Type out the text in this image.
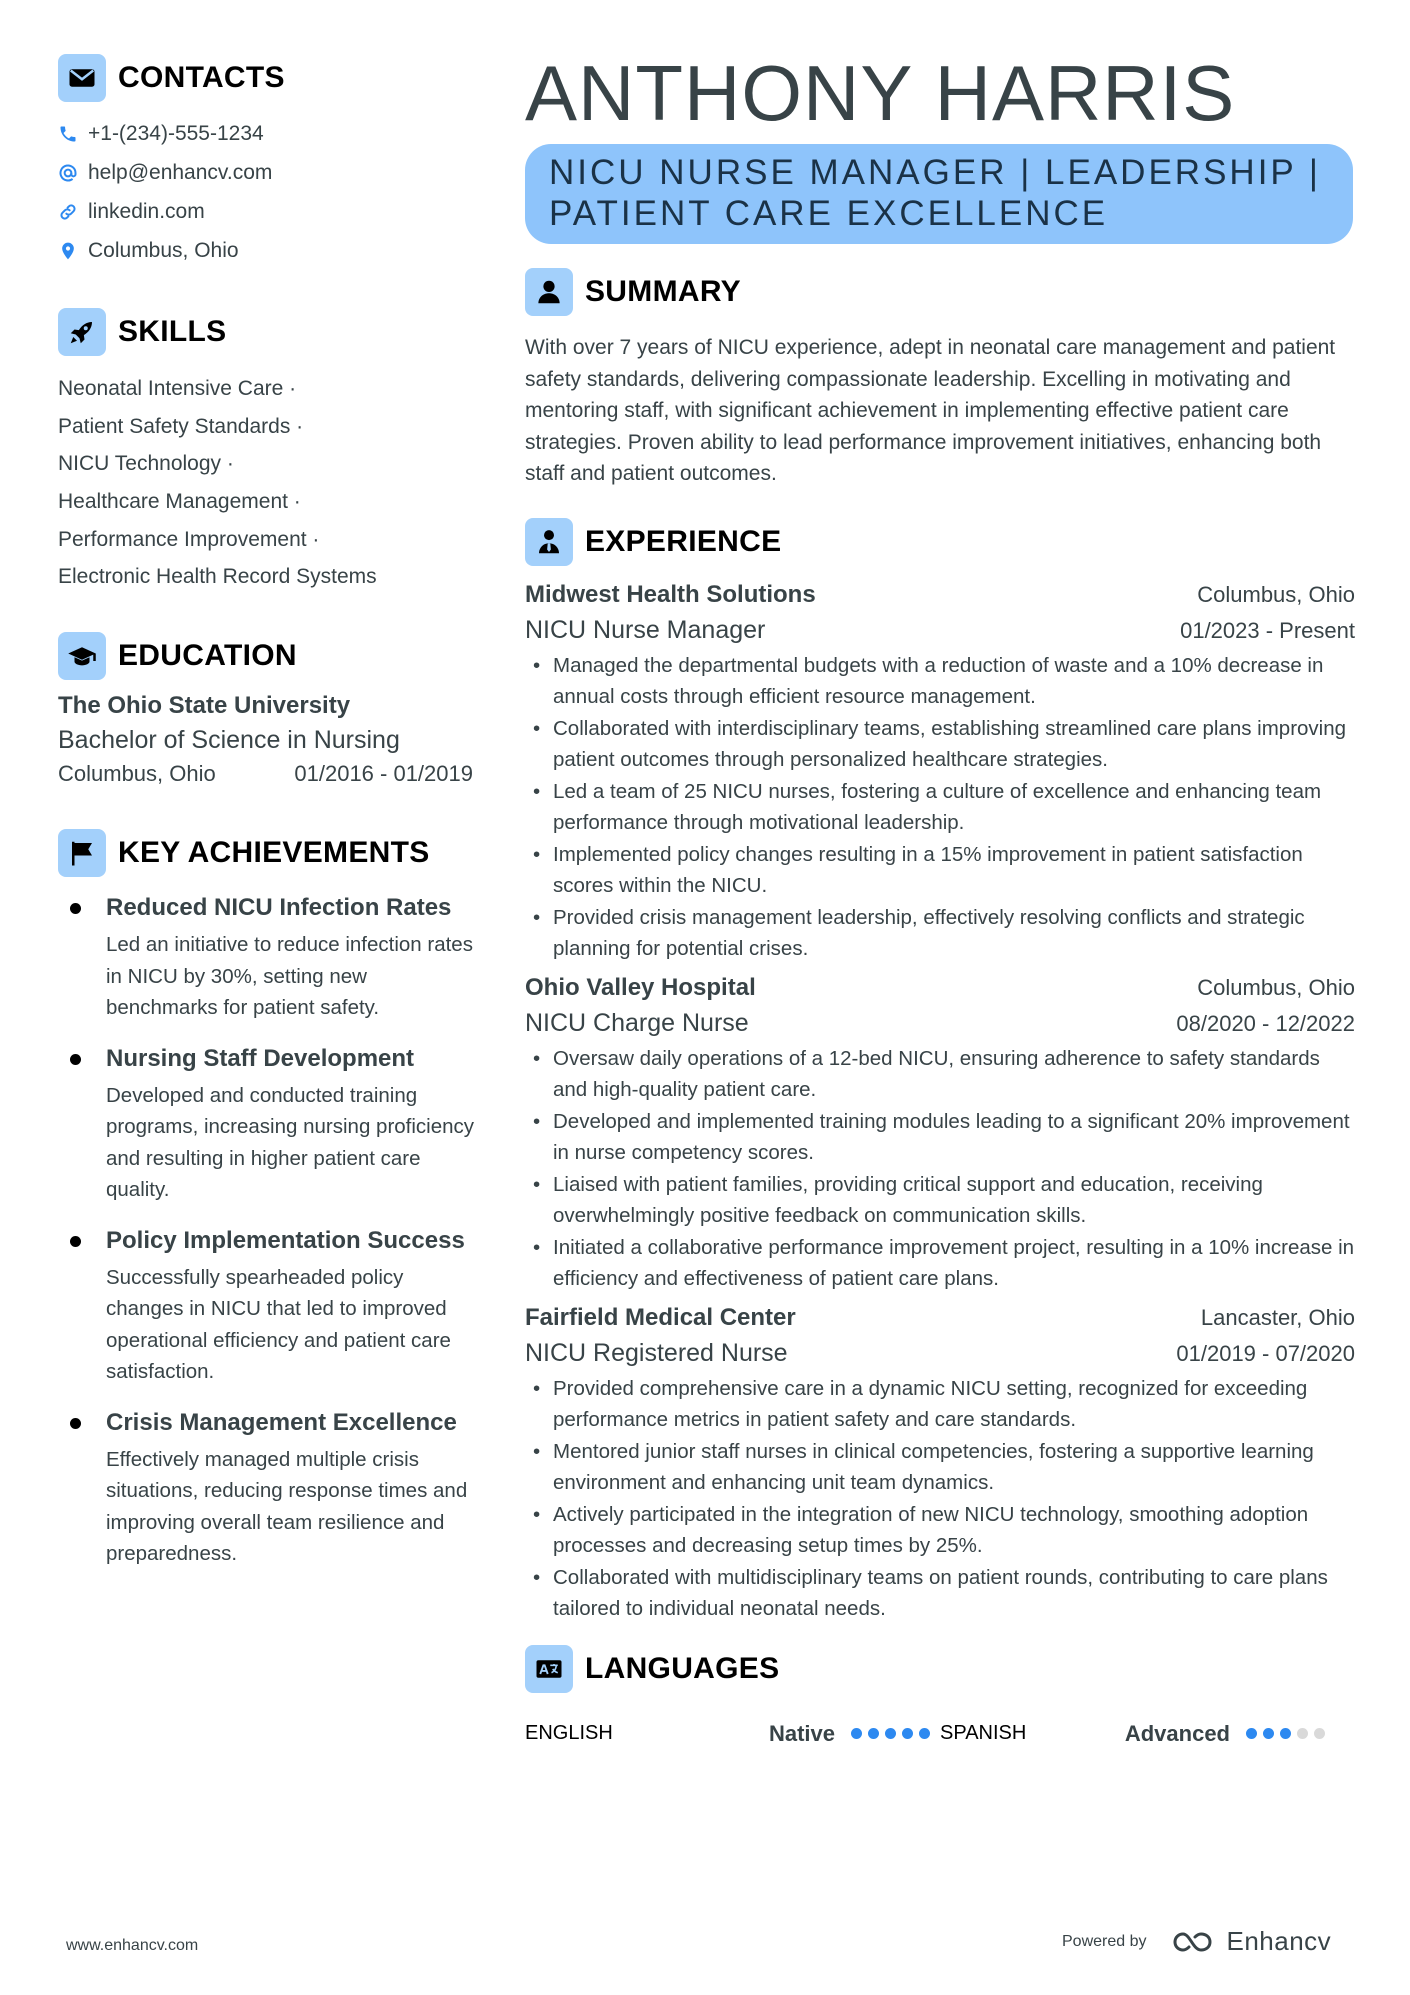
CONTACTS
+1-(234)-555-1234
help@enhancv.com
linkedin.com
Columbus, Ohio
SKILLS
Neonatal Intensive Care ·
Patient Safety Standards ·
NICU Technology ·
Healthcare Management ·
Performance Improvement ·
Electronic Health Record Systems
EDUCATION
The Ohio State University
Bachelor of Science in Nursing
Columbus, Ohio	01/2016 - 01/2019
KEY ACHIEVEMENTS
Reduced NICU Infection Rates
Led an initiative to reduce infection rates in NICU by 30%, setting new benchmarks for patient safety.
Nursing Staff Development
Developed and conducted training programs, increasing nursing proficiency and resulting in higher patient care quality.
Policy Implementation Success
Successfully spearheaded policy changes in NICU that led to improved operational efficiency and patient care satisfaction.
Crisis Management Excellence
Effectively managed multiple crisis situations, reducing response times and improving overall team resilience and preparedness.
ANTHONY HARRIS
NICU NURSE MANAGER | LEADERSHIP | PATIENT CARE EXCELLENCE
SUMMARY
With over 7 years of NICU experience, adept in neonatal care management and patient safety standards, delivering compassionate leadership. Excelling in motivating and mentoring staff, with significant achievement in implementing effective patient care strategies. Proven ability to lead performance improvement initiatives, enhancing both staff and patient outcomes.
EXPERIENCE
Midwest Health Solutions	Columbus, Ohio
NICU Nurse Manager	01/2023 - Present
• Managed the departmental budgets with a reduction of waste and a 10% decrease in annual costs through efficient resource management.
• Collaborated with interdisciplinary teams, establishing streamlined care plans improving patient outcomes through personalized healthcare strategies.
• Led a team of 25 NICU nurses, fostering a culture of excellence and enhancing team performance through motivational leadership.
• Implemented policy changes resulting in a 15% improvement in patient satisfaction scores within the NICU.
• Provided crisis management leadership, effectively resolving conflicts and strategic planning for potential crises.
Ohio Valley Hospital	Columbus, Ohio
NICU Charge Nurse	08/2020 - 12/2022
• Oversaw daily operations of a 12-bed NICU, ensuring adherence to safety standards and high-quality patient care.
• Developed and implemented training modules leading to a significant 20% improvement in nurse competency scores.
• Liaised with patient families, providing critical support and education, receiving overwhelmingly positive feedback on communication skills.
• Initiated a collaborative performance improvement project, resulting in a 10% increase in efficiency and effectiveness of patient care plans.
Fairfield Medical Center	Lancaster, Ohio
NICU Registered Nurse	01/2019 - 07/2020
• Provided comprehensive care in a dynamic NICU setting, recognized for exceeding performance metrics in patient safety and care standards.
• Mentored junior staff nurses in clinical competencies, fostering a supportive learning environment and enhancing unit team dynamics.
• Actively participated in the integration of new NICU technology, smoothing adoption processes and decreasing setup times by 25%.
• Collaborated with multidisciplinary teams on patient rounds, contributing to care plans tailored to individual neonatal needs.
LANGUAGES
ENGLISH	Native	SPANISH	Advanced
www.enhancv.com	Powered by	Enhancv
